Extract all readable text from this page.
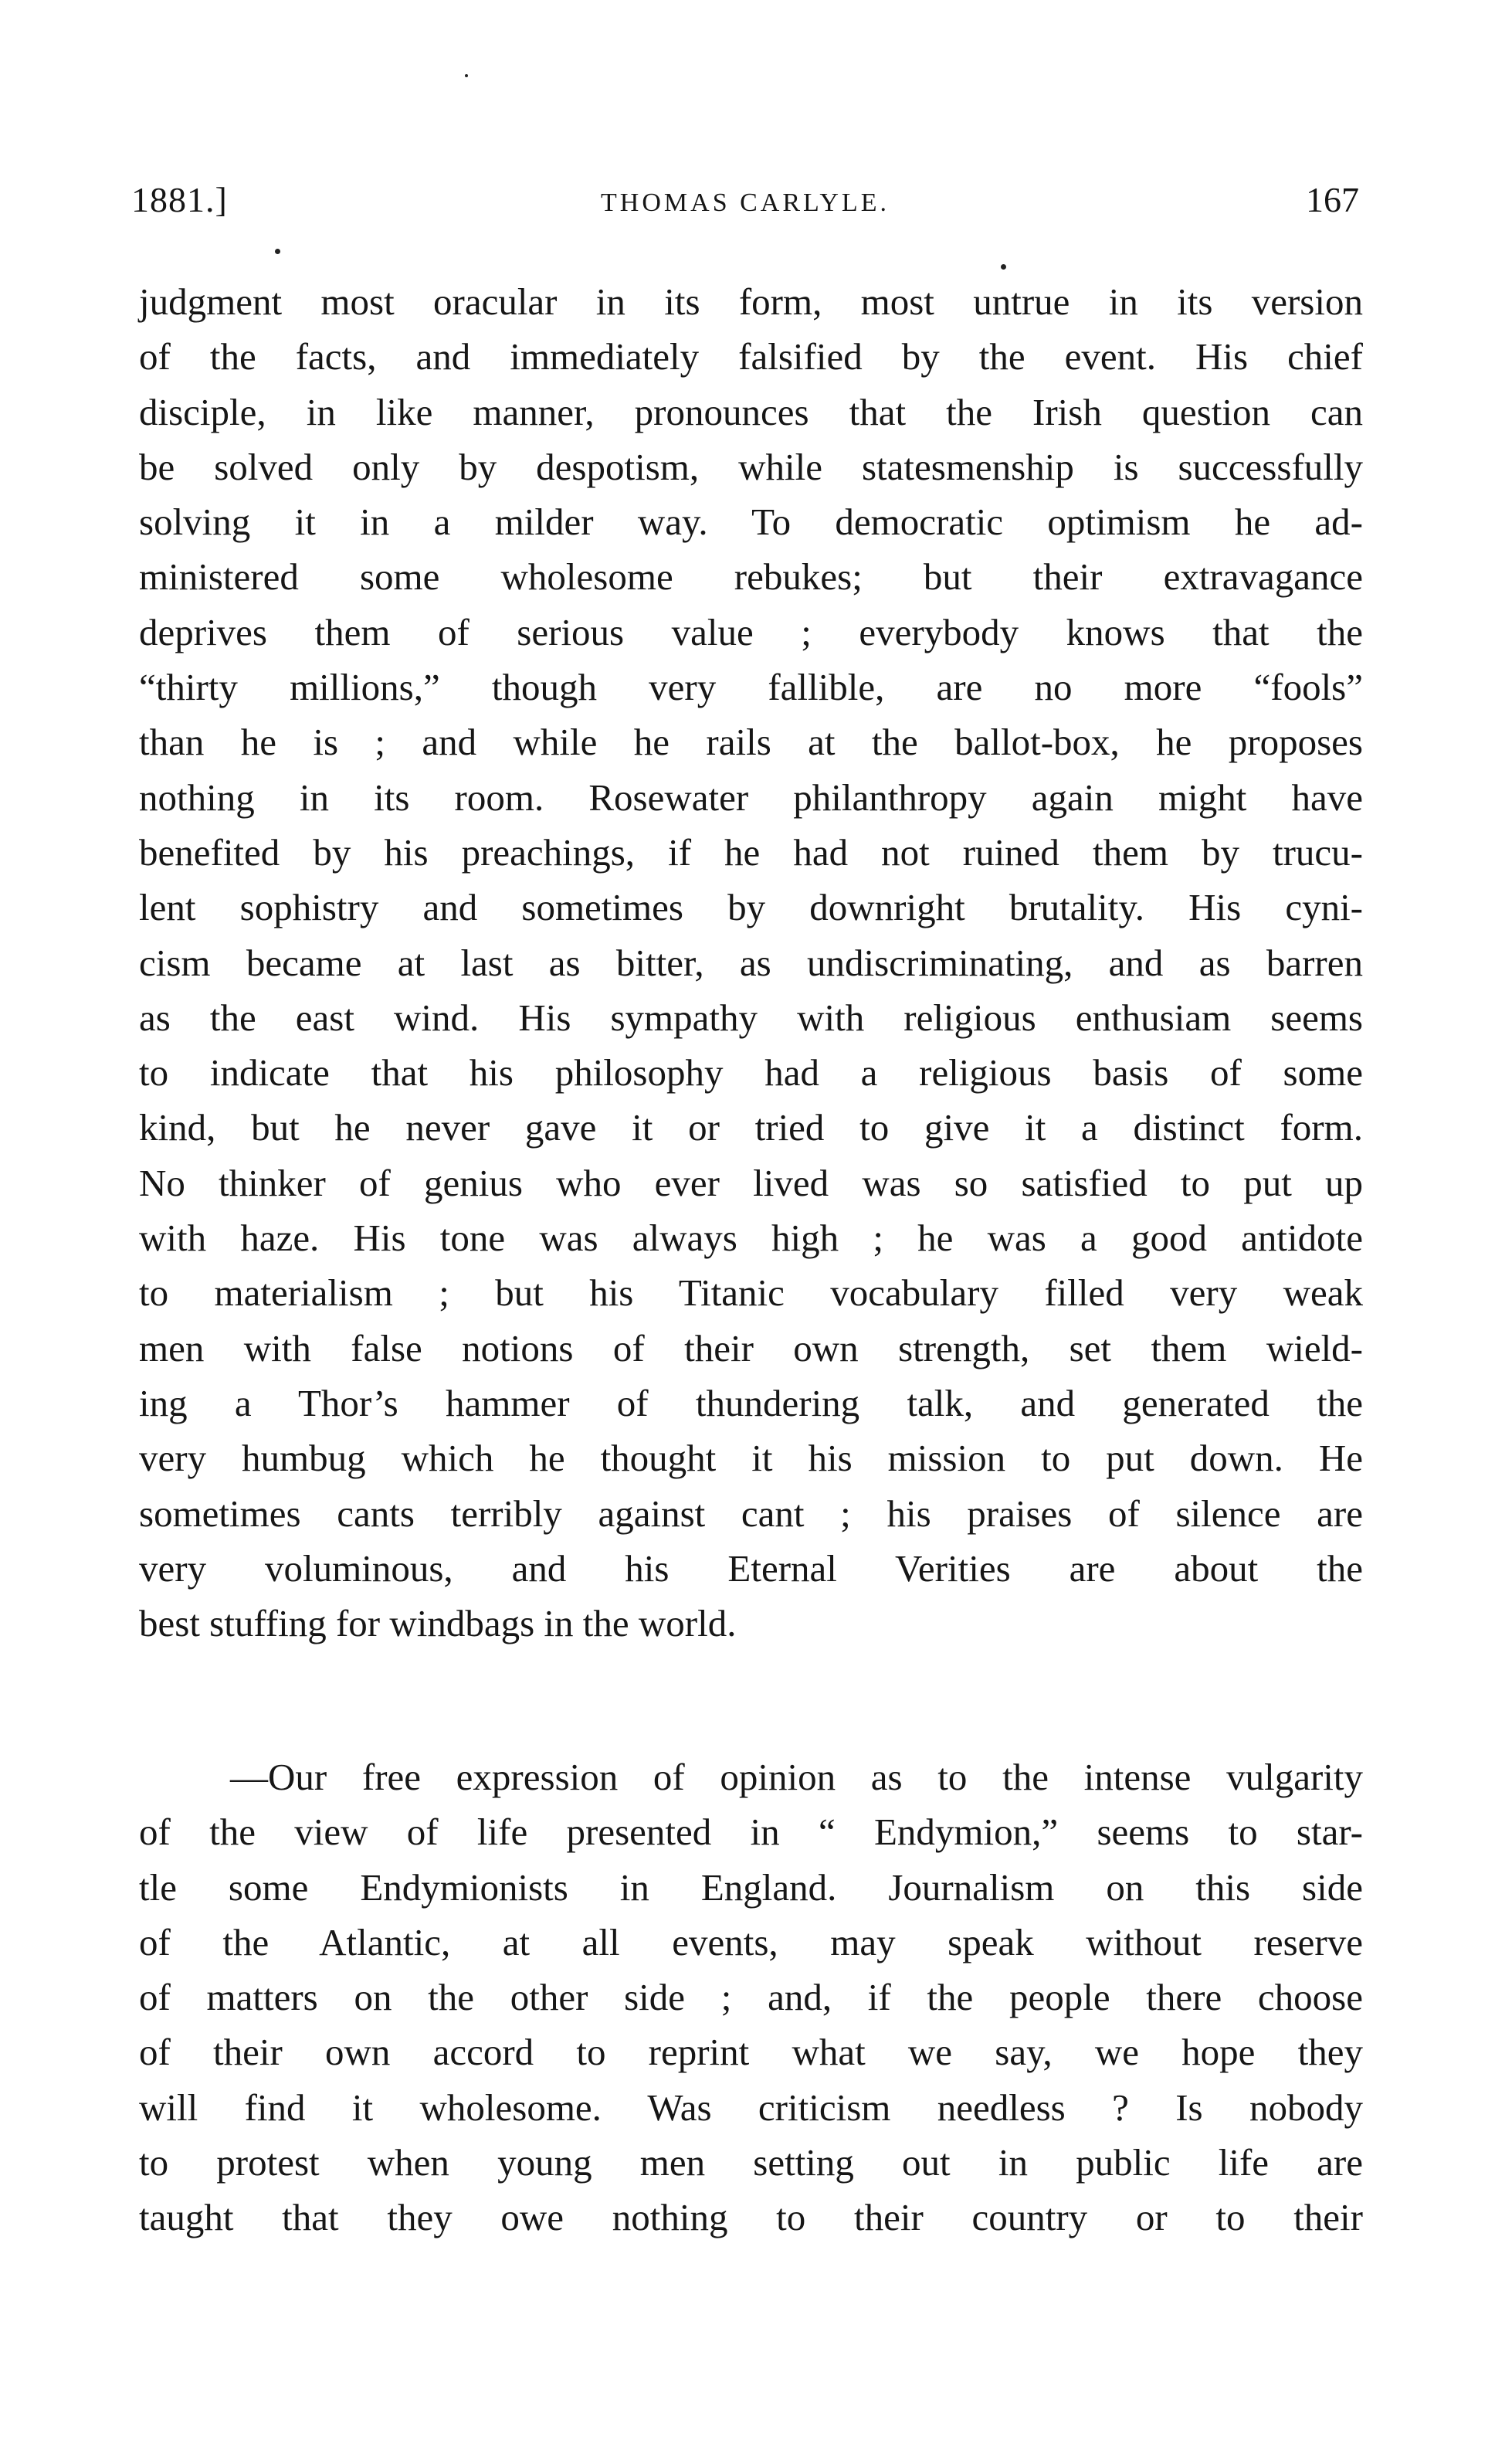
1881.]	THOMAS CARLYLE.	167
judgment most oracular in its form, most untrue in its version
of the facts, and immediately falsified by the event. His chief
disciple, in like manner, pronounces that the Irish question can
be solved only by despotism, while statesmenship is successfully
solving it in a milder way. To democratic optimism he ad-
ministered some wholesome rebukes; but their extravagance
deprives them of serious value ; everybody knows that the
“thirty millions,” though very fallible, are no more “fools”
than he is ; and while he rails at the ballot-box, he proposes
nothing in its room. Rosewater philanthropy again might have
benefited by his preachings, if he had not ruined them by trucu-
lent sophistry and sometimes by downright brutality. His cyni-
cism became at last as bitter, as undiscriminating, and as barren
as the east wind. His sympathy with religious enthusiam seems
to indicate that his philosophy had a religious basis of some
kind, but he never gave it or tried to give it a distinct form.
No thinker of genius who ever lived was so satisfied to put up
with haze. His tone was always high ; he was a good antidote
to materialism ; but his Titanic vocabulary filled very weak
men with false notions of their own strength, set them wield-
ing a Thor’s hammer of thundering talk, and generated the
very humbug which he thought it his mission to put down. He
sometimes cants terribly against cant ; his praises of silence are
very voluminous, and his Eternal Verities are about the
best stuffing for windbags in the world.
—Our free expression of opinion as to the intense vulgarity
of the view of life presented in “ Endymion,” seems to star-
tle some Endymionists in England. Journalism on this side
of the Atlantic, at all events, may speak without reserve
of matters on the other side ; and, if the people there choose
of their own accord to reprint what we say, we hope they
will find it wholesome. Was criticism needless ? Is nobody
to protest when young men setting out in public life are
taught that they owe nothing to their country or to their
